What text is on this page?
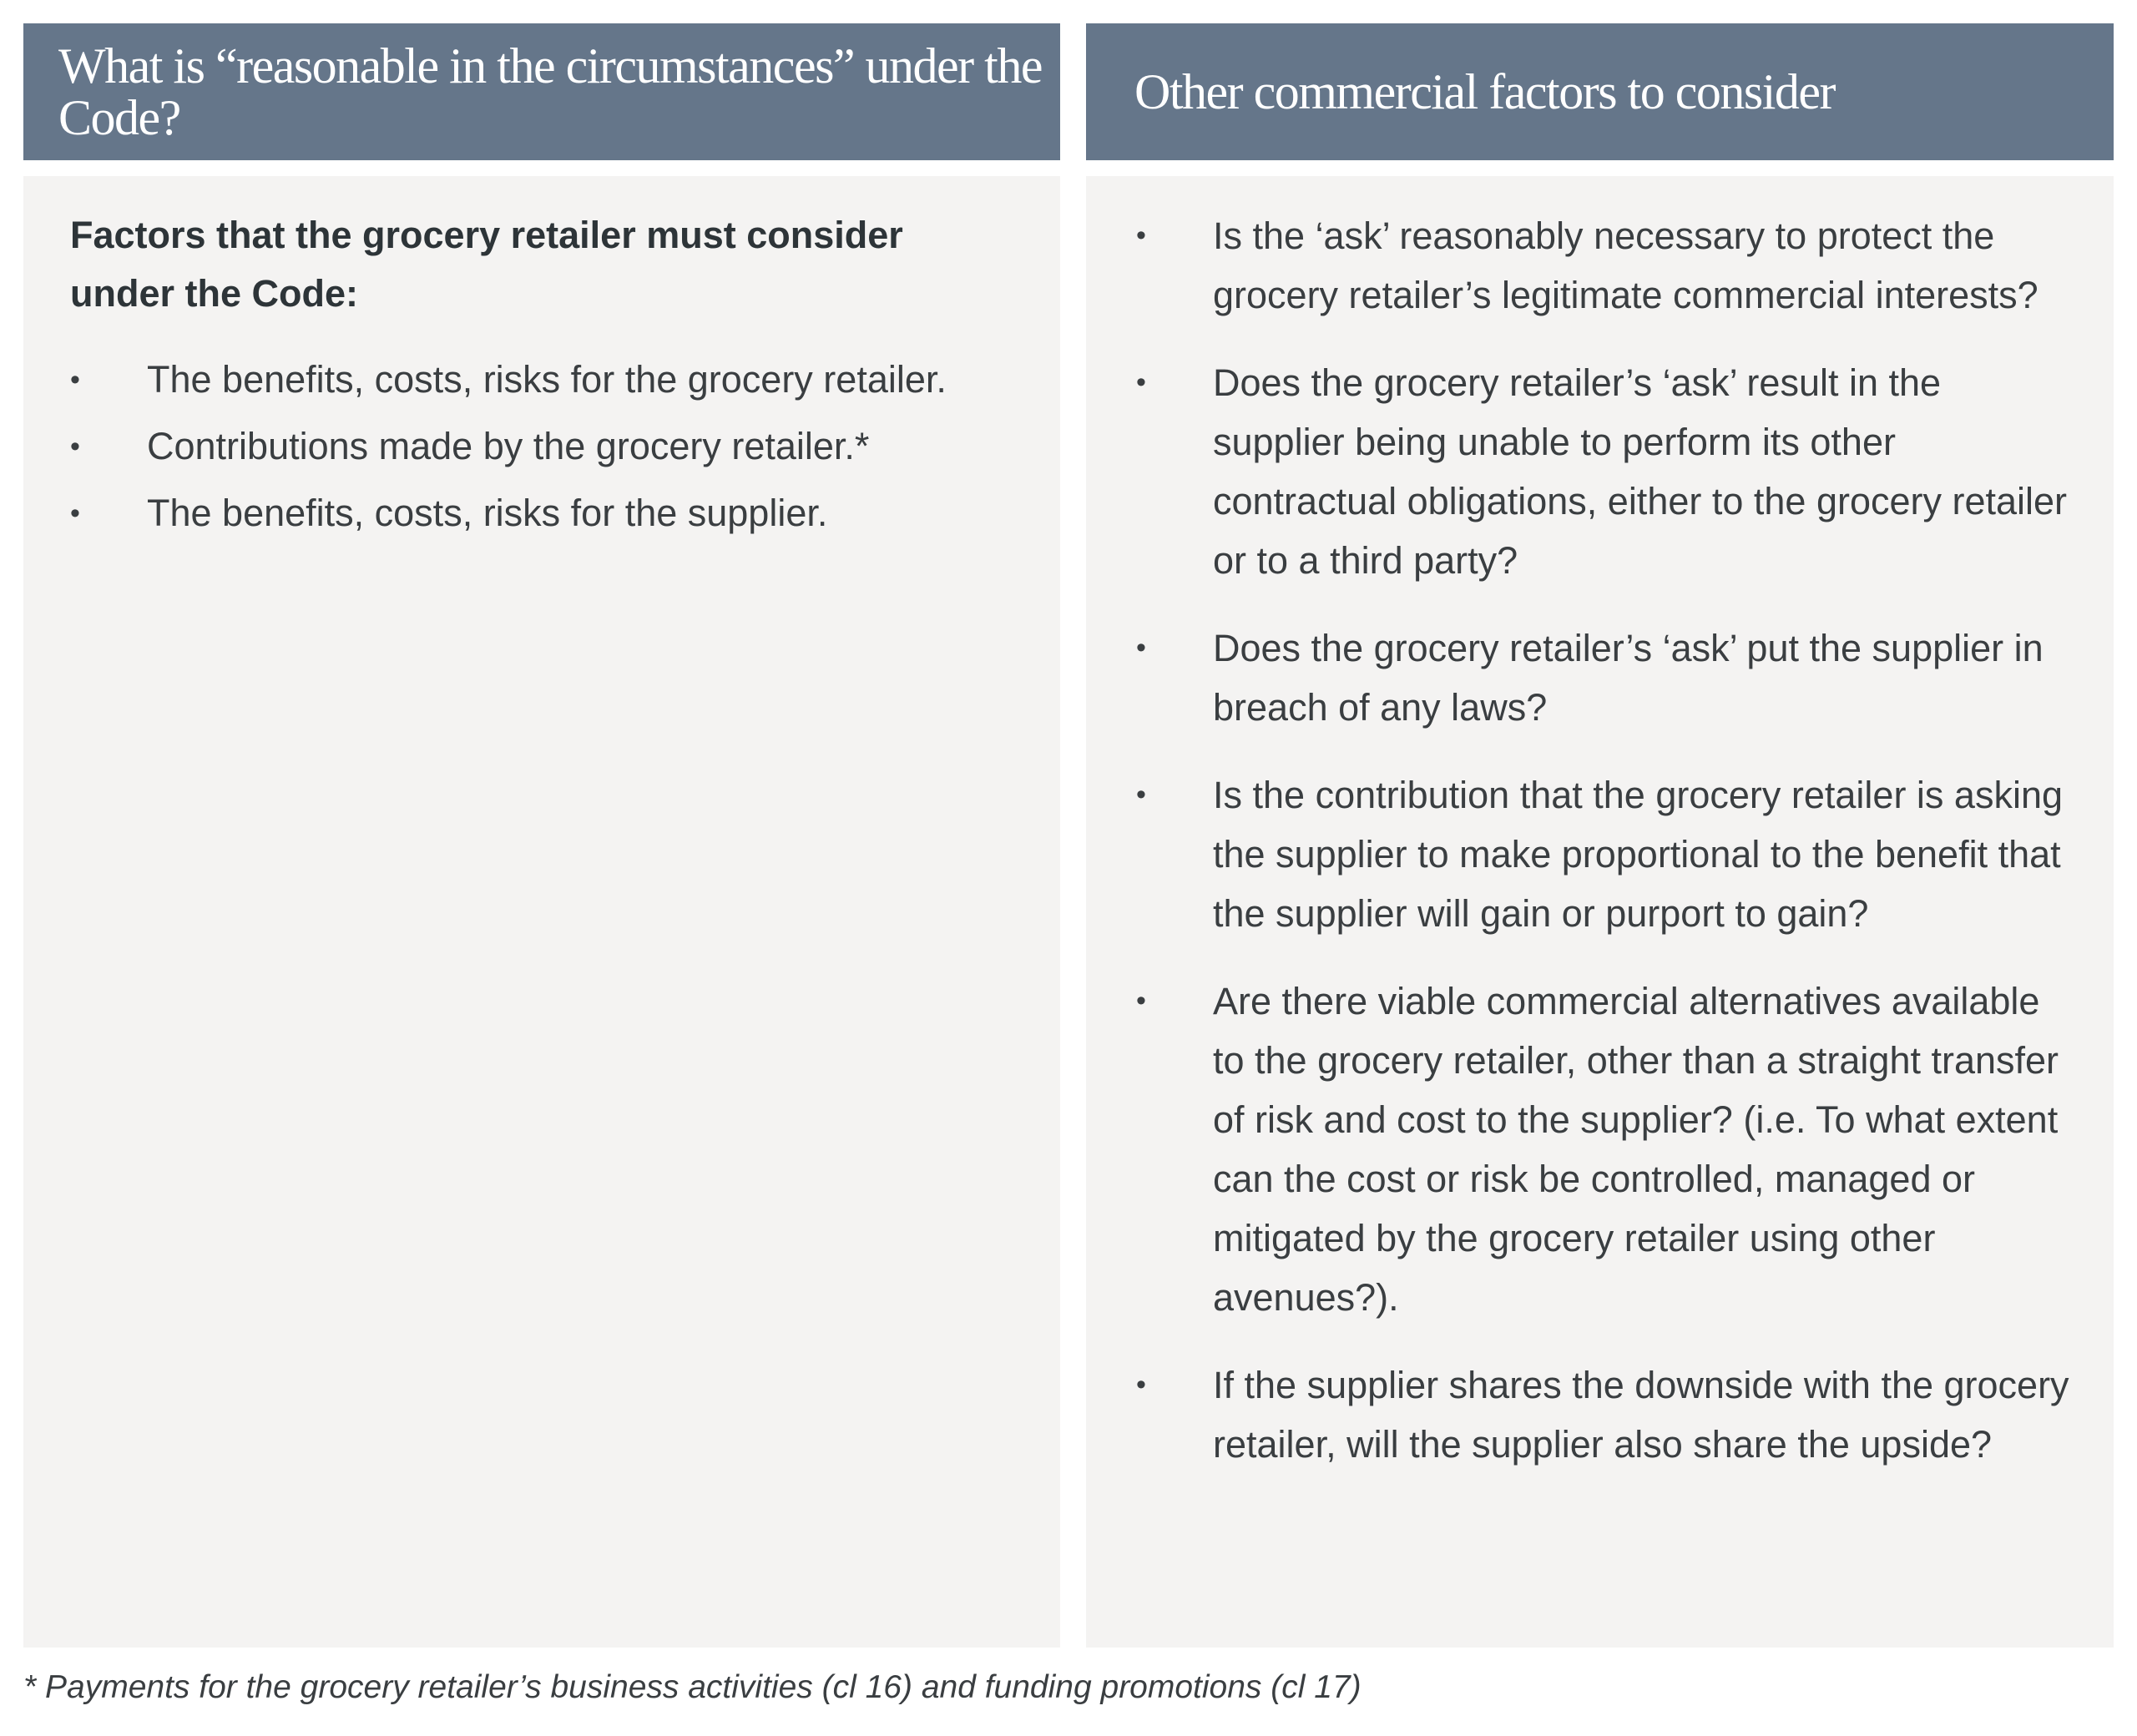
What is “reasonable in the circumstances” under the Code?	Other commercial factors to consider

Factors that the grocery retailer must consider under the Code:

• The benefits, costs, risks for the grocery retailer.
• Contributions made by the grocery retailer.*
• The benefits, costs, risks for the supplier.
• Is the ‘ask’ reasonably necessary to protect the grocery retailer’s legitimate commercial interests?
• Does the grocery retailer’s ‘ask’ result in the supplier being unable to perform its other contractual obligations, either to the grocery retailer or to a third party?
• Does the grocery retailer’s ‘ask’ put the supplier in breach of any laws?
• Is the contribution that the grocery retailer is asking the supplier to make proportional to the benefit that the supplier will gain or purport to gain?
• Are there viable commercial alternatives available to the grocery retailer, other than a straight transfer of risk and cost to the supplier? (i.e. To what extent can the cost or risk be controlled, managed or mitigated by the grocery retailer using other avenues?).
• If the supplier shares the downside with the grocery retailer, will the supplier also share the upside?
* Payments for the grocery retailer’s business activities (cl 16) and funding promotions (cl 17)
